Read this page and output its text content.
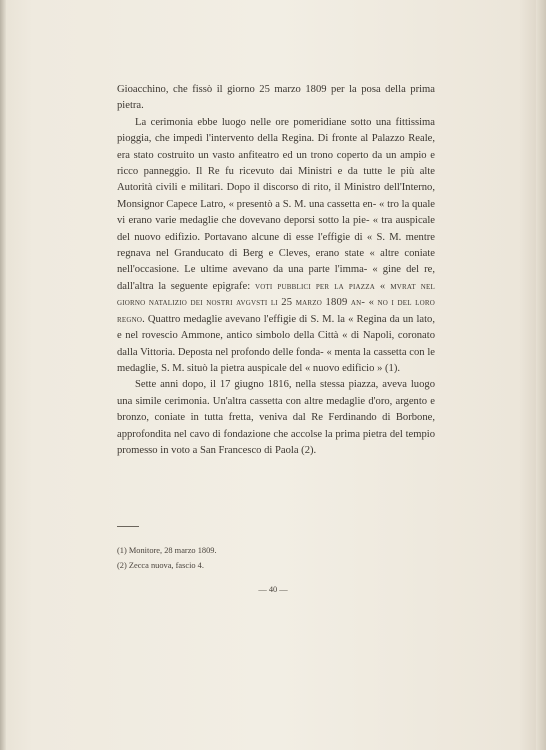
Gioacchino, che fissò il giorno 25 marzo 1809 per la posa della prima pietra.

La cerimonia ebbe luogo nelle ore pomeridiane sotto una fittissima pioggia, che impedì l'intervento della Regina. Di fronte al Palazzo Reale, era stato costruito un vasto anfiteatro ed un trono coperto da un ampio e ricco panneggio. Il Re fu ricevuto dai Ministri e da tutte le più alte Autorità civili e militari. Dopo il discorso di rito, il Ministro dell'Interno, Monsignor Capece Latro, « presentò a S. M. una cassetta en- « tro la quale vi erano varie medaglie che dovevano deporsi sotto la pie- « tra auspicale del nuovo edifizio. Portavano alcune di esse l'effigie di « S. M. mentre regnava nel Granducato di Berg e Cleves, erano state « altre coniate nell'occasione. Le ultime avevano da una parte l'imma- « gine del re, dall'altra la seguente epigrafe: voti pubblici per la piazza « mvrat nel giorno natalizio dei nostri avgvsti li 25 marzo 1809 an- « no i del loro regno. Quattro medaglie avevano l'effigie di S. M. la « Regina da un lato, e nel rovescio Ammone, antico simbolo della Città « di Napoli, coronato dalla Vittoria. Deposta nel profondo delle fonda- « menta la cassetta con le medaglie, S. M. situò la pietra auspicale del « nuovo edificio » (1).

Sette anni dopo, il 17 giugno 1816, nella stessa piazza, aveva luogo una simile cerimonia. Un'altra cassetta con altre medaglie d'oro, argento e bronzo, coniate in tutta fretta, veniva dal Re Ferdinando di Borbone, approfondita nel cavo di fondazione che accolse la prima pietra del tempio promesso in voto a San Francesco di Paola (2).

(1) Monitore, 28 marzo 1809.
(2) Zecca nuova, fascio 4.
— 40 —
